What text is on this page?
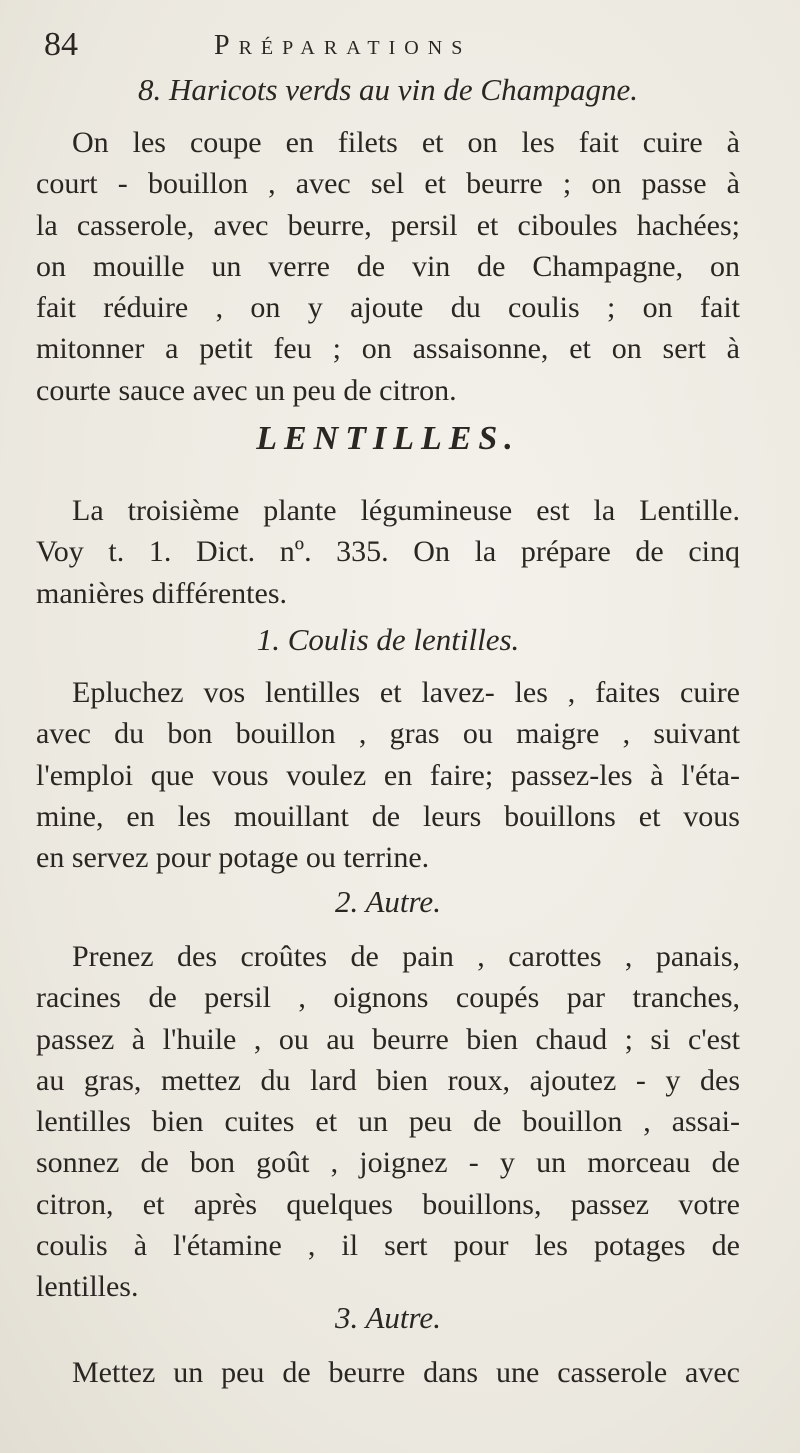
84	Préparations
8. Haricots verds au vin de Champagne.
On les coupe en filets et on les fait cuire à
court - bouillon , avec sel et beurre ; on passe à
la casserole, avec beurre, persil et ciboules hachées;
on mouille un verre de vin de Champagne, on
fait réduire , on y ajoute du coulis ; on fait
mitonner a petit feu ; on assaisonne, et on sert à
courte sauce avec un peu de citron.
LENTILLES.
La troisième plante légumineuse est la Lentille.
Voy t. 1. Dict. nº. 335. On la prépare de cinq
manières différentes.
1. Coulis de lentilles.
Epluchez vos lentilles et lavez- les , faites cuire
avec du bon bouillon , gras ou maigre , suivant
l'emploi que vous voulez en faire; passez-les à l'éta-
mine, en les mouillant de leurs bouillons et vous
en servez pour potage ou terrine.
2. Autre.
Prenez des croûtes de pain , carottes , panais,
racines de persil , oignons coupés par tranches,
passez à l'huile , ou au beurre bien chaud ; si c'est
au gras, mettez du lard bien roux, ajoutez - y des
lentilles bien cuites et un peu de bouillon , assai-
sonnez de bon goût , joignez - y un morceau de
citron, et après quelques bouillons, passez votre
coulis à l'étamine , il sert pour les potages de
lentilles.
3. Autre.
Mettez un peu de beurre dans une casserole avec
